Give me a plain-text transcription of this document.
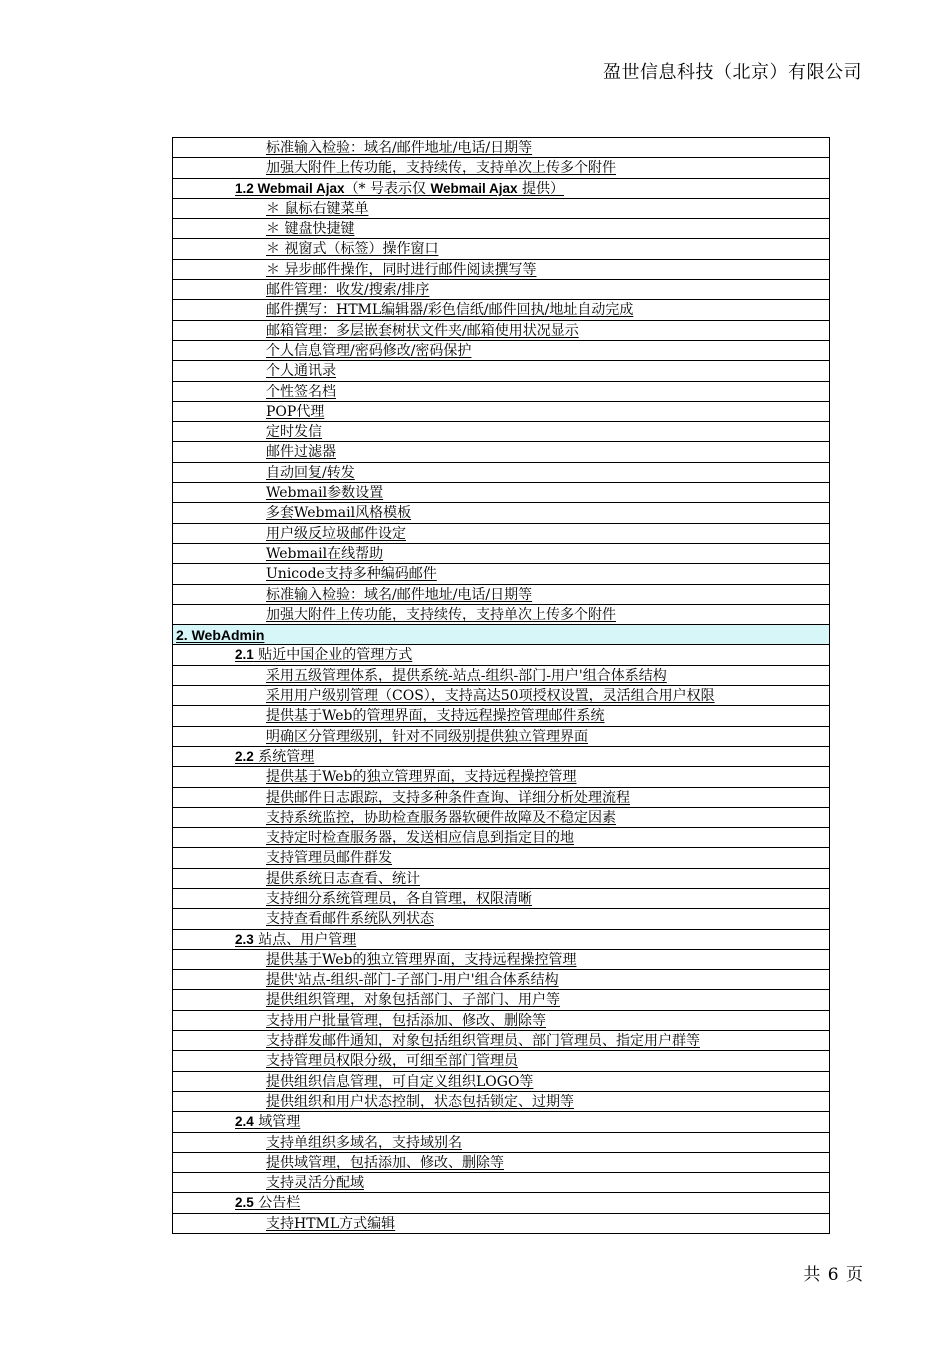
盈世信息科技（北京）有限公司
标准输入检验：域名/邮件地址/电话/日期等
加强大附件上传功能，支持续传，支持单次上传多个附件
1.2 Webmail Ajax（* 号表示仅 Webmail Ajax 提供）
＊ 鼠标右键菜单
＊ 键盘快捷键
＊ 视窗式（标签）操作窗口
＊ 异步邮件操作，同时进行邮件阅读撰写等
邮件管理：收发/搜索/排序
邮件撰写：HTML编辑器/彩色信纸/邮件回执/地址自动完成
邮箱管理：多层嵌套树状文件夹/邮箱使用状况显示
个人信息管理/密码修改/密码保护
个人通讯录
个性签名档
POP代理
定时发信
邮件过滤器
自动回复/转发
Webmail参数设置
多套Webmail风格模板
用户级反垃圾邮件设定
Webmail在线帮助
Unicode支持多种编码邮件
标准输入检验：域名/邮件地址/电话/日期等
加强大附件上传功能，支持续传，支持单次上传多个附件
2. WebAdmin
2.1 贴近中国企业的管理方式
采用五级管理体系，提供系统-站点-组织-部门-用户'组合体系结构
采用用户级别管理（COS），支持高达50项授权设置，灵活组合用户权限
提供基于Web的管理界面，支持远程操控管理邮件系统
明确区分管理级别，针对不同级别提供独立管理界面
2.2 系统管理
提供基于Web的独立管理界面，支持远程操控管理
提供邮件日志跟踪，支持多种条件查询、详细分析处理流程
支持系统监控，协助检查服务器软硬件故障及不稳定因素
支持定时检查服务器，发送相应信息到指定目的地
支持管理员邮件群发
提供系统日志查看、统计
支持细分系统管理员，各自管理，权限清晰
支持查看邮件系统队列状态
2.3 站点、用户管理
提供基于Web的独立管理界面，支持远程操控管理
提供'站点-组织-部门-子部门-用户'组合体系结构
提供组织管理，对象包括部门、子部门、用户等
支持用户批量管理，包括添加、修改、删除等
支持群发邮件通知，对象包括组织管理员、部门管理员、指定用户群等
支持管理员权限分级，可细至部门管理员
提供组织信息管理，可自定义组织LOGO等
提供组织和用户状态控制，状态包括锁定、过期等
2.4 域管理
支持单组织多域名，支持域别名
提供域管理，包括添加、修改、删除等
支持灵活分配域
2.5 公告栏
支持HTML方式编辑
共 6 页
